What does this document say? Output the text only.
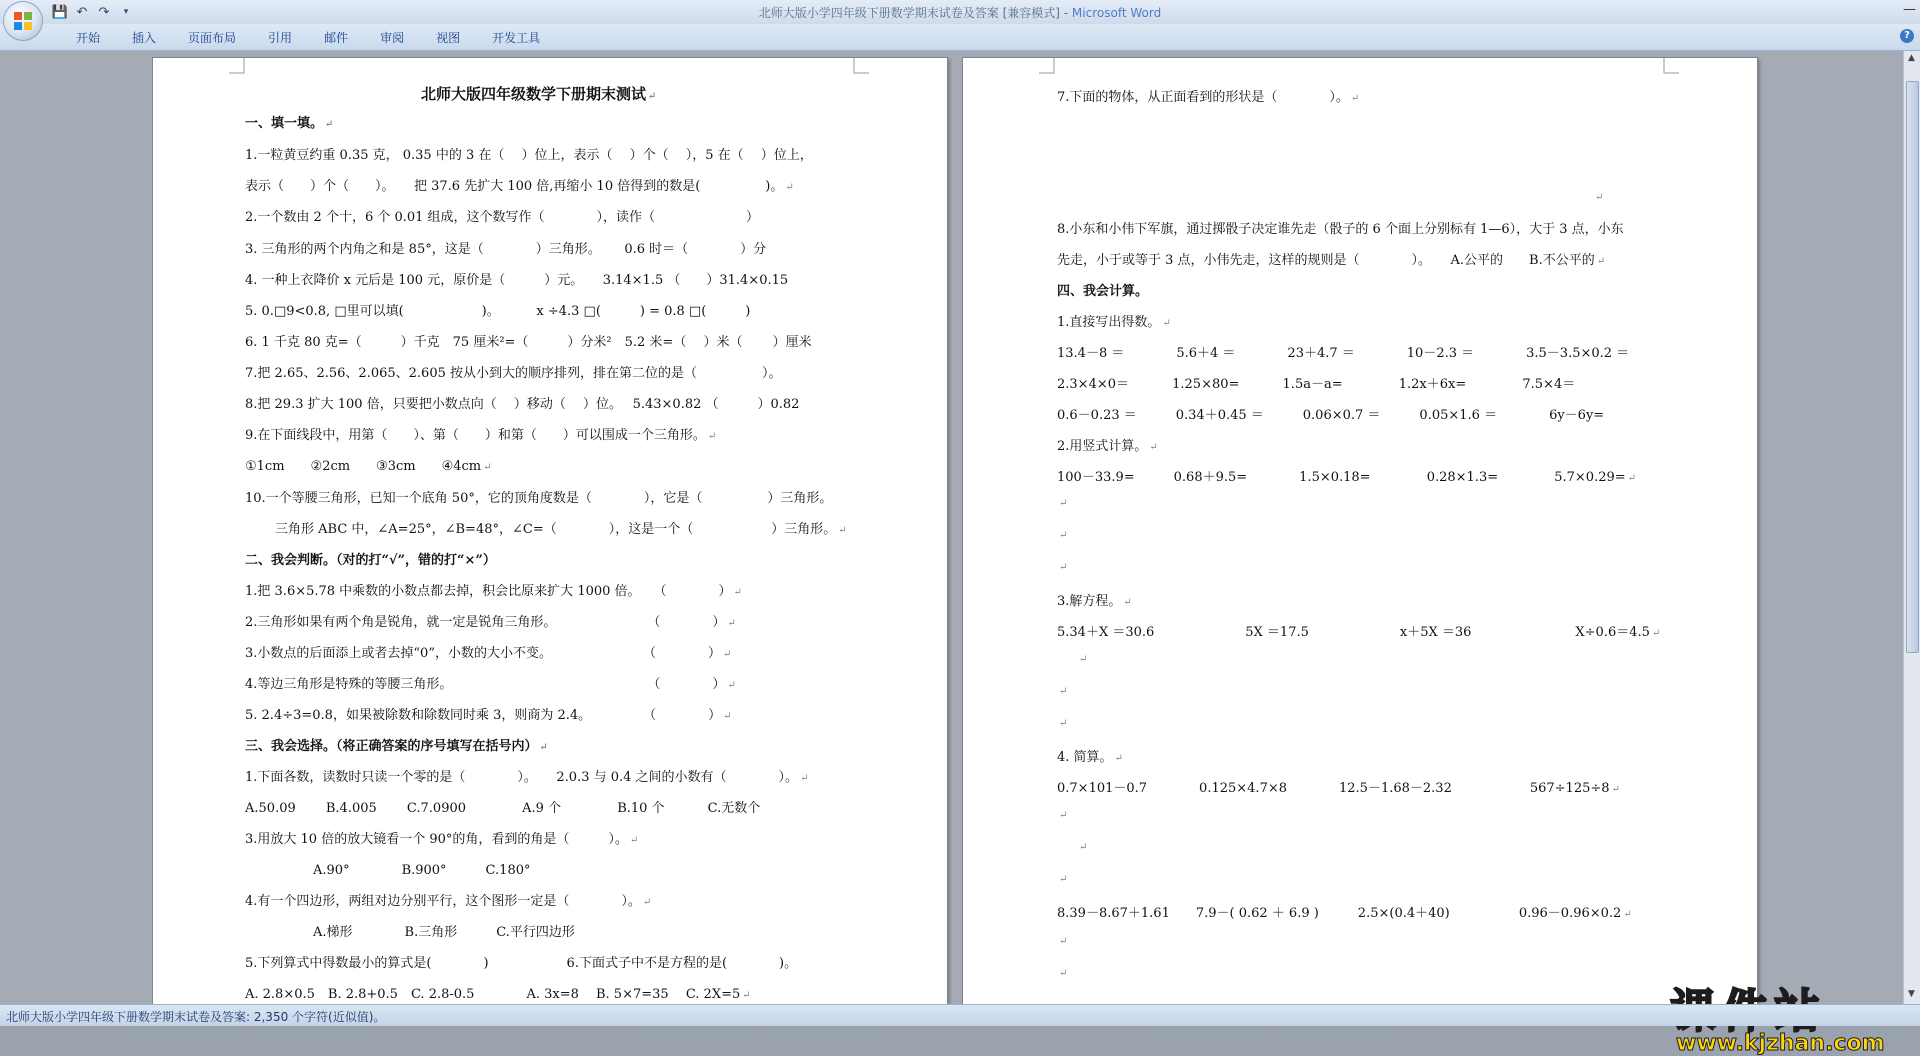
💾 ↶ ↷	▾	北师大版小学四年级下册数学期末试卷及答案 [兼容模式] - Microsoft Word	—
开始	插入	页面布局	引用	邮件	审阅	视图	开发工具	?
北师大版四年级数学下册期末测试 ↵
一、填一填。 ↵
1.一粒黄豆约重 0.35 克， 0.35 中的 3 在（　 ）位上，表示（　 ）个（　 ），5 在（　 ）位上，
表示（　　）个（　　）。　　把 37.6 先扩大 100 倍,再缩小 10 倍得到的数是(　　　　　)。 ↵
2.一个数由 2 个十，6 个 0.01 组成，这个数写作（　　　　），读作（　　　　　　　）
3. 三角形的两个内角之和是 85°，这是（　　　　）三角形。　　 0.6 时＝（　　　　）分
4. 一种上衣降价 x 元后是 100 元，原价是（　　　）元。　　3.14×1.5 （　　）31.4×0.15
5. 0.□9<0.8, □里可以填(　　　　　　)。　　　 x ÷4.3 □(　　　) = 0.8 □(　　　)
6. 1 千克 80 克=（　　　）千克　75 厘米²=（　　　）分米²　5.2 米=（　 ）米（　　 ）厘米
7.把 2.65、2.56、2.065、2.605 按从小到大的顺序排列，排在第二位的是（　　　　　）。
8.把 29.3 扩大 100 倍，只要把小数点向（　 ）移动（　 ）位。　 5.43×0.82 （　　　）0.82
9.在下面线段中，用第（　　）、第（　　）和第（　　）可以围成一个三角形。 ↵
①1cm　　②2cm　　③3cm　　④4cm ↵
10.一个等腰三角形，已知一个底角 50°，它的顶角度数是（　　　　），它是（　　　　　）三角形。
三角形 ABC 中，∠A=25°，∠B=48°，∠C=（　　　　），这是一个（　　　　　　）三角形。 ↵
二、我会判断。（对的打“√”，错的打“×”）
1.把 3.6×5.78 中乘数的小数点都去掉，积会比原来扩大 1000 倍。　　（　　　　） ↵
2.三角形如果有两个角是锐角，就一定是锐角三角形。　　　　　　　　（　　　　） ↵
3.小数点的后面添上或者去掉“0”，小数的大小不变。　　　　　　　　（　　　　） ↵
4.等边三角形是特殊的等腰三角形。　　　　　　　　　　　　　　　　（　　　　） ↵
5. 2.4÷3=0.8，如果被除数和除数同时乘 3，则商为 2.4。　　　　　（　　　　） ↵
三、我会选择。（将正确答案的序号填写在括号内） ↵
1.下面各数，读数时只读一个零的是（　　　　）。　　2.0.3 与 0.4 之间的小数有（　　　　）。 ↵
A.50.09　　 B.4.005　　 C.7.0900　　　　 A.9 个　　　　 B.10 个　　　 C.无数个
3.用放大 10 倍的放大镜看一个 90°的角，看到的角是（　　　）。 ↵
A.90°　　　　B.900°　　　C.180°
4.有一个四边形，两组对边分别平行，这个图形一定是（　　　　）。 ↵
A.梯形　　　　B.三角形　　　C.平行四边形
5.下列算式中得数最小的算式是(　　　　)　　　　　　6.下面式子中不是方程的是(　　　　)。
A. 2.8×0.5　B. 2.8+0.5　C. 2.8-0.5　　　　A. 3x=8　 B. 5×7=35　 C. 2X=5 ↵
7.下面的物体，从正面看到的形状是（　　　　）。 ↵
↵
8.小东和小伟下军旗，通过掷骰子决定谁先走（骰子的 6 个面上分别标有 1—6），大于 3 点，小东
先走，小于或等于 3 点，小伟先走，这样的规则是（　　　　）。　　A.公平的　　B.不公平的 ↵
四、我会计算。
1.直接写出得数。 ↵
13.4－8 ＝　　　　5.6＋4 ＝　　　　23＋4.7 ＝　　　　10－2.3 ＝　　　　3.5－3.5×0.2 ＝
2.3×4×0＝　　　 1.25×80=　　　 1.5a－a=　　　　 1.2x＋6x=　　　　 7.5×4＝
0.6－0.23 ＝　　　0.34＋0.45 ＝　　　0.06×0.7 ＝　　　0.05×1.6 ＝　　　　6y－6y=
2.用竖式计算。 ↵
100－33.9=　　　0.68＋9.5=　　　　1.5×0.18=　　　　 0.28×1.3=　　　　 5.7×0.29= ↵
↵
↵
↵
3.解方程。 ↵
5.34＋X ＝30.6　　　　　　　5X ＝17.5　　　　　　　x＋5X ＝36　　　　　　　　X÷0.6＝4.5 ↵
↵
↵
↵
4. 简算。 ↵
0.7×101－0.7　　　　0.125×4.7×8　　　　12.5－1.68－2.32　　　　　　567÷125÷8 ↵
↵
↵
↵
8.39－8.67＋1.61　　7.9－( 0.62 ＋ 6.9 )　　　2.5×(0.4＋40)　　　　　 0.96－0.96×0.2 ↵
↵
↵
www.kjzhan.com
▲
▼
北师大版小学四年级下册数学期末试卷及答案: 2,350 个字符(近似值)。
